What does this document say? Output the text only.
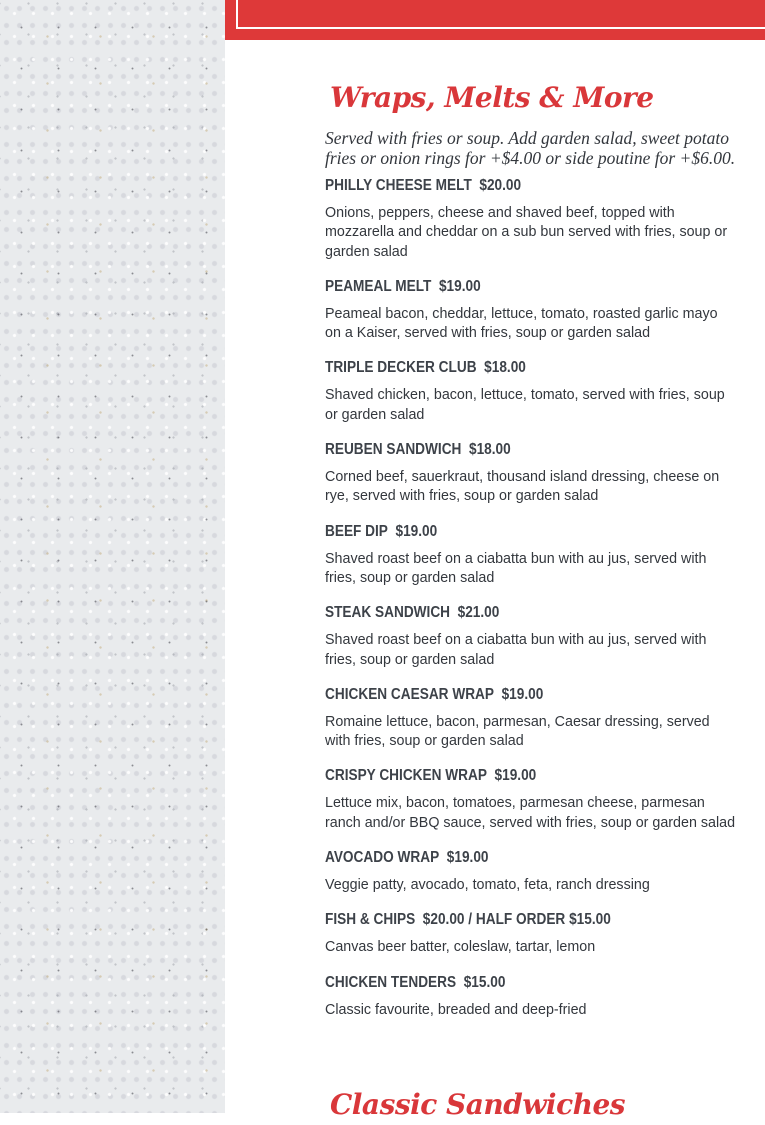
Wraps, Melts & More

Served with fries or soup. Add garden salad, sweet potato fries or onion rings for +$4.00 or side poutine for +$6.00.

PHILLY CHEESE MELT $20.00
Onions, peppers, cheese and shaved beef, topped with mozzarella and cheddar on a sub bun served with fries, soup or garden salad
PEAMEAL MELT $19.00
Peameal bacon, cheddar, lettuce, tomato, roasted garlic mayo on a Kaiser, served with fries, soup or garden salad
TRIPLE DECKER CLUB $18.00
Shaved chicken, bacon, lettuce, tomato, served with fries, soup or garden salad
REUBEN SANDWICH $18.00
Corned beef, sauerkraut, thousand island dressing, cheese on rye, served with fries, soup or garden salad
BEEF DIP $19.00
Shaved roast beef on a ciabatta bun with au jus, served with fries, soup or garden salad
STEAK SANDWICH $21.00
Shaved roast beef on a ciabatta bun with au jus, served with fries, soup or garden salad
CHICKEN CAESAR WRAP $19.00
Romaine lettuce, bacon, parmesan, Caesar dressing, served with fries, soup or garden salad
CRISPY CHICKEN WRAP $19.00
Lettuce mix, bacon, tomatoes, parmesan cheese, parmesan ranch and/or BBQ sauce, served with fries, soup or garden salad
AVOCADO WRAP $19.00
Veggie patty, avocado, tomato, feta, ranch dressing
FISH & CHIPS $20.00 / HALF ORDER $15.00
Canvas beer batter, coleslaw, tartar, lemon
CHICKEN TENDERS $15.00
Classic favourite, breaded and deep-fried
Classic Sandwiches
